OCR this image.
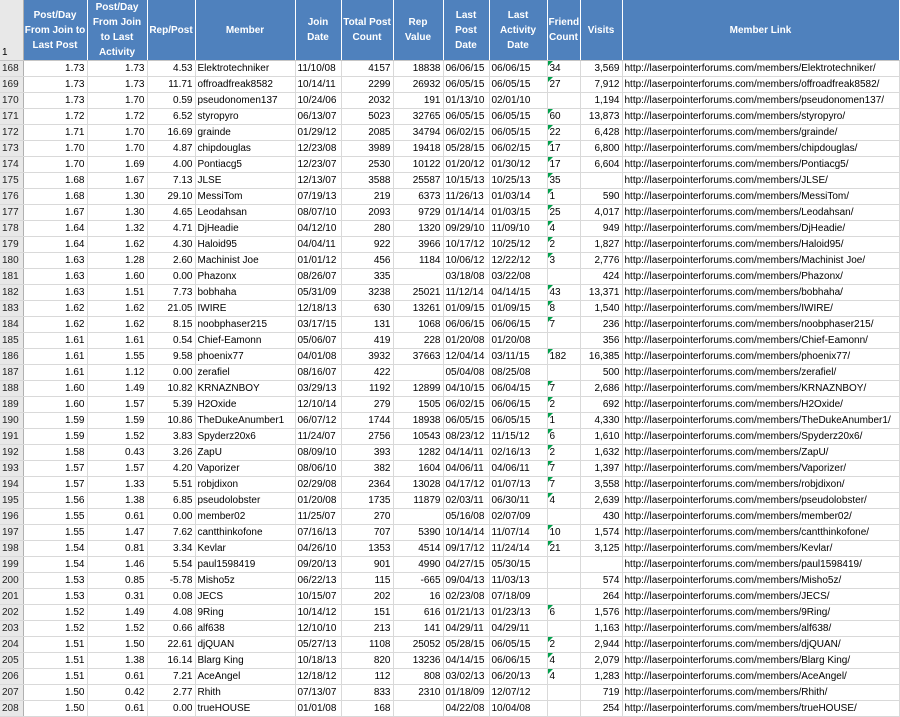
1	Post/Day From Join to Last Post	Post/Day From Join to Last Activity	Rep/Post	Member	Join Date	Total Post Count	Rep Value	Last Post Date	Last Activity Date	Friend Count	Visits	Member Link
168	1.73	1.73	4.53	Elektrotechniker	11/10/08	4157	18838	06/06/15	06/06/15	34	3,569	http://laserpointerforums.com/members/Elektrotechniker/
169	1.73	1.73	11.71	offroadfreak8582	10/14/11	2299	26932	06/05/15	06/05/15	27	7,912	http://laserpointerforums.com/members/offroadfreak8582/
170	1.73	1.70	0.59	pseudonomen137	10/24/06	2032	191	01/13/10	02/01/10		1,194	http://laserpointerforums.com/members/pseudonomen137/
171	1.72	1.72	6.52	styropyro	06/13/07	5023	32765	06/05/15	06/05/15	60	13,873	http://laserpointerforums.com/members/styropyro/
172	1.71	1.70	16.69	grainde	01/29/12	2085	34794	06/02/15	06/05/15	22	6,428	http://laserpointerforums.com/members/grainde/
173	1.70	1.70	4.87	chipdouglas	12/23/08	3989	19418	05/28/15	06/02/15	17	6,800	http://laserpointerforums.com/members/chipdouglas/
174	1.70	1.69	4.00	Pontiacg5	12/23/07	2530	10122	01/20/12	01/30/12	17	6,604	http://laserpointerforums.com/members/Pontiacg5/
175	1.68	1.67	7.13	JLSE	12/13/07	3588	25587	10/15/13	10/25/13	35		http://laserpointerforums.com/members/JLSE/
176	1.68	1.30	29.10	MessiTom	07/19/13	219	6373	11/26/13	01/03/14	1	590	http://laserpointerforums.com/members/MessiTom/
177	1.67	1.30	4.65	Leodahsan	08/07/10	2093	9729	01/14/14	01/03/15	25	4,017	http://laserpointerforums.com/members/Leodahsan/
178	1.64	1.32	4.71	DjHeadie	04/12/10	280	1320	09/29/10	11/09/10	4	949	http://laserpointerforums.com/members/DjHeadie/
179	1.64	1.62	4.30	Haloid95	04/04/11	922	3966	10/17/12	10/25/12	2	1,827	http://laserpointerforums.com/members/Haloid95/
180	1.63	1.28	2.60	Machinist Joe	01/01/12	456	1184	10/06/12	12/22/12	3	2,776	http://laserpointerforums.com/members/Machinist Joe/
181	1.63	1.60	0.00	Phazonx	08/26/07	335		03/18/08	03/22/08		424	http://laserpointerforums.com/members/Phazonx/
182	1.63	1.51	7.73	bobhaha	05/31/09	3238	25021	11/12/14	04/14/15	43	13,371	http://laserpointerforums.com/members/bobhaha/
183	1.62	1.62	21.05	IWIRE	12/18/13	630	13261	01/09/15	01/09/15	8	1,540	http://laserpointerforums.com/members/IWIRE/
184	1.62	1.62	8.15	noobphaser215	03/17/15	131	1068	06/06/15	06/06/15	7	236	http://laserpointerforums.com/members/noobphaser215/
185	1.61	1.61	0.54	Chief-Eamonn	05/06/07	419	228	01/20/08	01/20/08		356	http://laserpointerforums.com/members/Chief-Eamonn/
186	1.61	1.55	9.58	phoenix77	04/01/08	3932	37663	12/04/14	03/11/15	182	16,385	http://laserpointerforums.com/members/phoenix77/
187	1.61	1.12	0.00	zerafiel	08/16/07	422		05/04/08	08/25/08		500	http://laserpointerforums.com/members/zerafiel/
188	1.60	1.49	10.82	KRNAZNBOY	03/29/13	1192	12899	04/10/15	06/04/15	7	2,686	http://laserpointerforums.com/members/KRNAZNBOY/
189	1.60	1.57	5.39	H2Oxide	12/10/14	279	1505	06/02/15	06/06/15	2	692	http://laserpointerforums.com/members/H2Oxide/
190	1.59	1.59	10.86	TheDukeAnumber1	06/07/12	1744	18938	06/05/15	06/05/15	1	4,330	http://laserpointerforums.com/members/TheDukeAnumber1/
191	1.59	1.52	3.83	Spyderz20x6	11/24/07	2756	10543	08/23/12	11/15/12	6	1,610	http://laserpointerforums.com/members/Spyderz20x6/
192	1.58	0.43	3.26	ZapU	08/09/10	393	1282	04/14/11	02/16/13	2	1,632	http://laserpointerforums.com/members/ZapU/
193	1.57	1.57	4.20	Vaporizer	08/06/10	382	1604	04/06/11	04/06/11	7	1,397	http://laserpointerforums.com/members/Vaporizer/
194	1.57	1.33	5.51	robjdixon	02/29/08	2364	13028	04/17/12	01/07/13	7	3,558	http://laserpointerforums.com/members/robjdixon/
195	1.56	1.38	6.85	pseudolobster	01/20/08	1735	11879	02/03/11	06/30/11	4	2,639	http://laserpointerforums.com/members/pseudolobster/
196	1.55	0.61	0.00	member02	11/25/07	270		05/16/08	02/07/09		430	http://laserpointerforums.com/members/member02/
197	1.55	1.47	7.62	cantthinkofone	07/16/13	707	5390	10/14/14	11/07/14	10	1,574	http://laserpointerforums.com/members/cantthinkofone/
198	1.54	0.81	3.34	Kevlar	04/26/10	1353	4514	09/17/12	11/24/14	21	3,125	http://laserpointerforums.com/members/Kevlar/
199	1.54	1.46	5.54	paul1598419	09/20/13	901	4990	04/27/15	05/30/15			http://laserpointerforums.com/members/paul1598419/
200	1.53	0.85	-5.78	Misho5z	06/22/13	115	-665	09/04/13	11/03/13		574	http://laserpointerforums.com/members/Misho5z/
201	1.53	0.31	0.08	JECS	10/15/07	202	16	02/23/08	07/18/09		264	http://laserpointerforums.com/members/JECS/
202	1.52	1.49	4.08	9Ring	10/14/12	151	616	01/21/13	01/23/13	6	1,576	http://laserpointerforums.com/members/9Ring/
203	1.52	1.52	0.66	alf638	12/10/10	213	141	04/29/11	04/29/11		1,163	http://laserpointerforums.com/members/alf638/
204	1.51	1.50	22.61	djQUAN	05/27/13	1108	25052	05/28/15	06/05/15	2	2,944	http://laserpointerforums.com/members/djQUAN/
205	1.51	1.38	16.14	Blarg King	10/18/13	820	13236	04/14/15	06/06/15	4	2,079	http://laserpointerforums.com/members/Blarg King/
206	1.51	0.61	7.21	AceAngel	12/18/12	112	808	03/02/13	06/20/13	4	1,283	http://laserpointerforums.com/members/AceAngel/
207	1.50	0.42	2.77	Rhith	07/13/07	833	2310	01/18/09	12/07/12		719	http://laserpointerforums.com/members/Rhith/
208	1.50	0.61	0.00	trueHOUSE	01/01/08	168		04/22/08	10/04/08		254	http://laserpointerforums.com/members/trueHOUSE/
